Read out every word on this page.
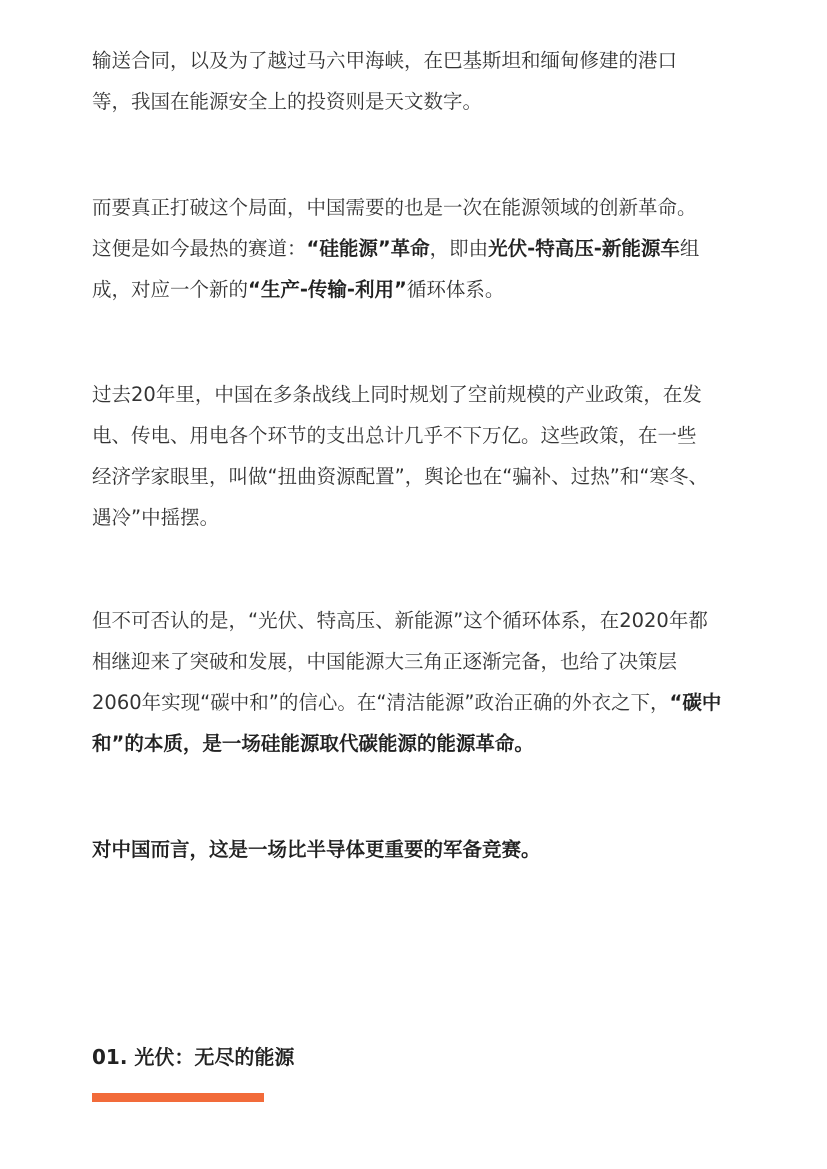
输送合同，以及为了越过马六甲海峡，在巴基斯坦和缅甸修建的港口
等，我国在能源安全上的投资则是天文数字。

而要真正打破这个局面，中国需要的也是一次在能源领域的创新革命。
这便是如今最热的赛道：“硅能源”革命，即由光伏-特高压-新能源车组
成，对应一个新的“生产-传输-利用”循环体系。

过去20年里，中国在多条战线上同时规划了空前规模的产业政策，在发
电、传电、用电各个环节的支出总计几乎不下万亿。这些政策，在一些
经济学家眼里，叫做“扭曲资源配置”，舆论也在“骗补、过热”和“寒冬、
遇冷”中摇摆。

但不可否认的是，“光伏、特高压、新能源”这个循环体系，在2020年都
相继迎来了突破和发展，中国能源大三角正逐渐完备，也给了决策层
2060年实现“碳中和”的信心。在“清洁能源”政治正确的外衣之下，“碳中
和”的本质，是一场硅能源取代碳能源的能源革命。

对中国而言，这是一场比半导体更重要的军备竞赛。

01. 光伏：无尽的能源
